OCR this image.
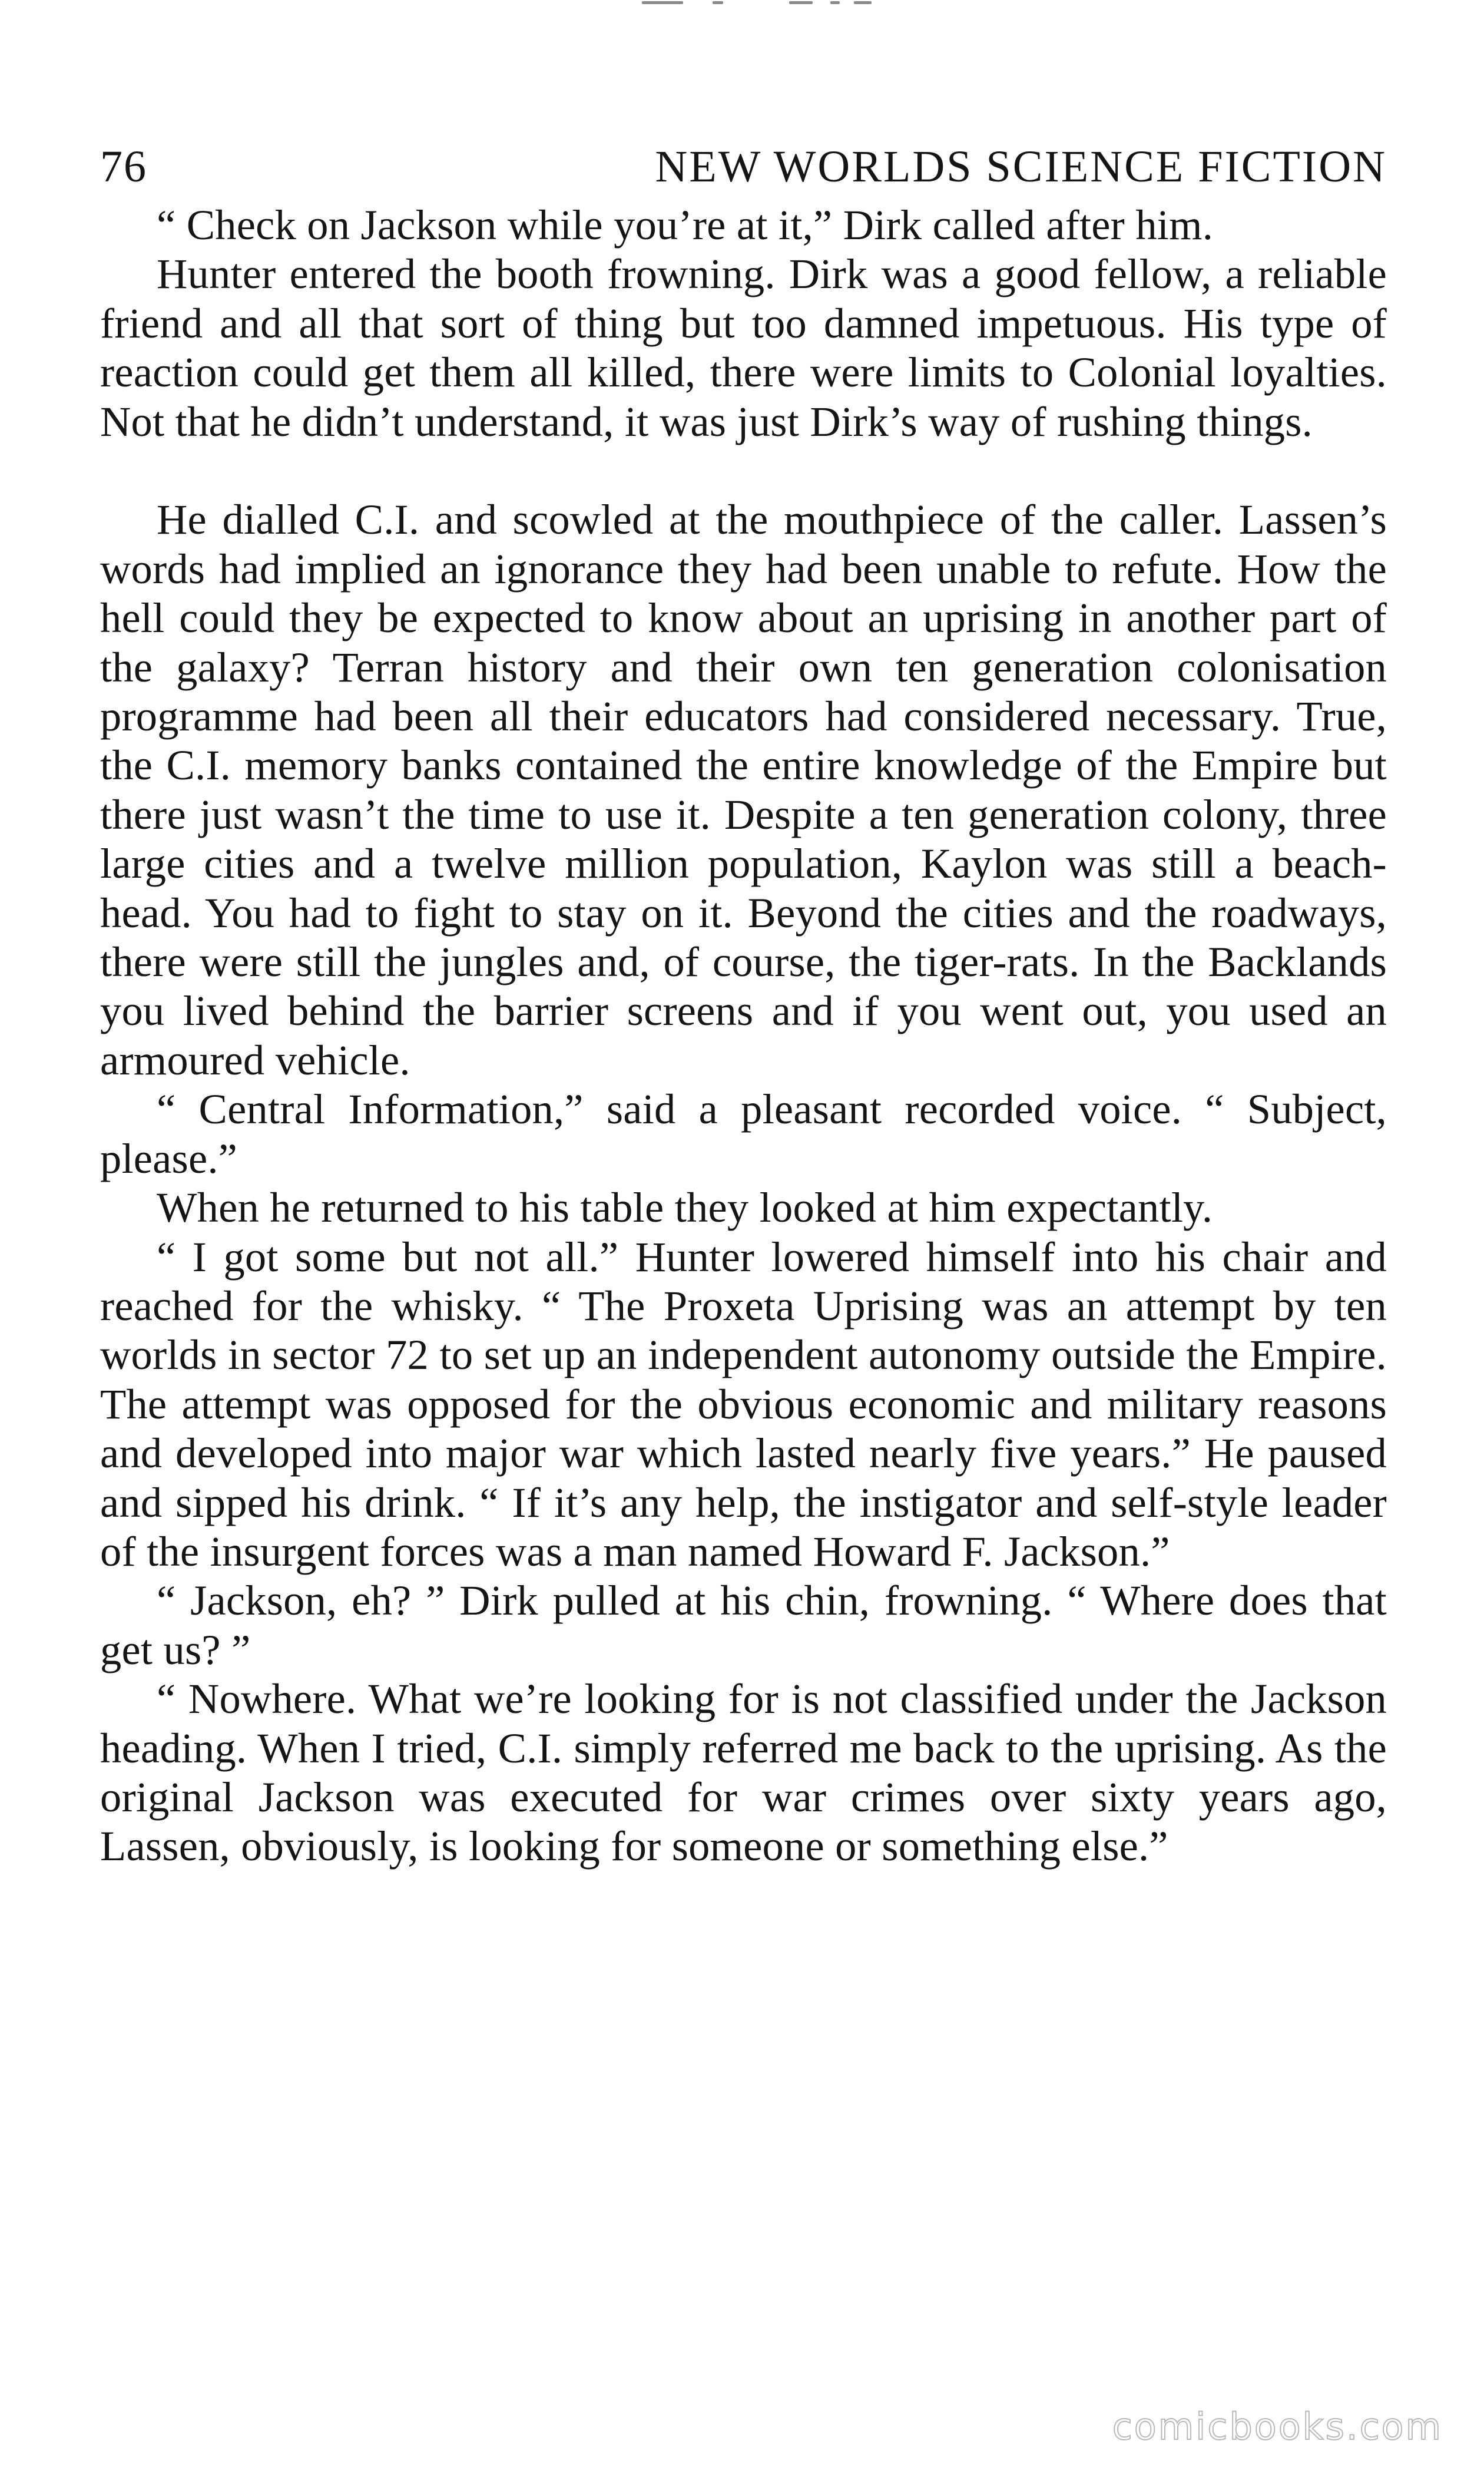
76	NEW WORLDS SCIENCE FICTION

“ Check on Jackson while you’re at it,” Dirk called after him.

Hunter entered the booth frowning. Dirk was a good fellow, a reliable friend and all that sort of thing but too damned impetuous. His type of reaction could get them all killed, there were limits to Colonial loyalties. Not that he didn’t understand, it was just Dirk’s way of rushing things.

He dialled C.I. and scowled at the mouthpiece of the caller. Lassen’s words had implied an ignorance they had been unable to refute. How the hell could they be expected to know about an uprising in another part of the galaxy? Terran history and their own ten generation colonisation programme had been all their educators had considered necessary. True, the C.I. memory banks contained the entire knowledge of the Empire but there just wasn’t the time to use it. Despite a ten generation colony, three large cities and a twelve million population, Kaylon was still a beach-head. You had to fight to stay on it. Beyond the cities and the roadways, there were still the jungles and, of course, the tiger-rats. In the Backlands you lived behind the barrier screens and if you went out, you used an armoured vehicle.

“ Central Information,” said a pleasant recorded voice. “ Subject, please.”

When he returned to his table they looked at him expectantly.

“ I got some but not all.” Hunter lowered himself into his chair and reached for the whisky. “ The Proxeta Uprising was an attempt by ten worlds in sector 72 to set up an independent autonomy outside the Empire. The attempt was opposed for the obvious economic and military reasons and developed into major war which lasted nearly five years.” He paused and sipped his drink. “ If it’s any help, the instigator and self-style leader of the insurgent forces was a man named Howard F. Jackson.”

“ Jackson, eh? ” Dirk pulled at his chin, frowning. “ Where does that get us? ”

“ Nowhere. What we’re looking for is not classified under the Jackson heading. When I tried, C.I. simply referred me back to the uprising. As the original Jackson was executed for war crimes over sixty years ago, Lassen, obviously, is looking for someone or something else.”

comicbooks.com
